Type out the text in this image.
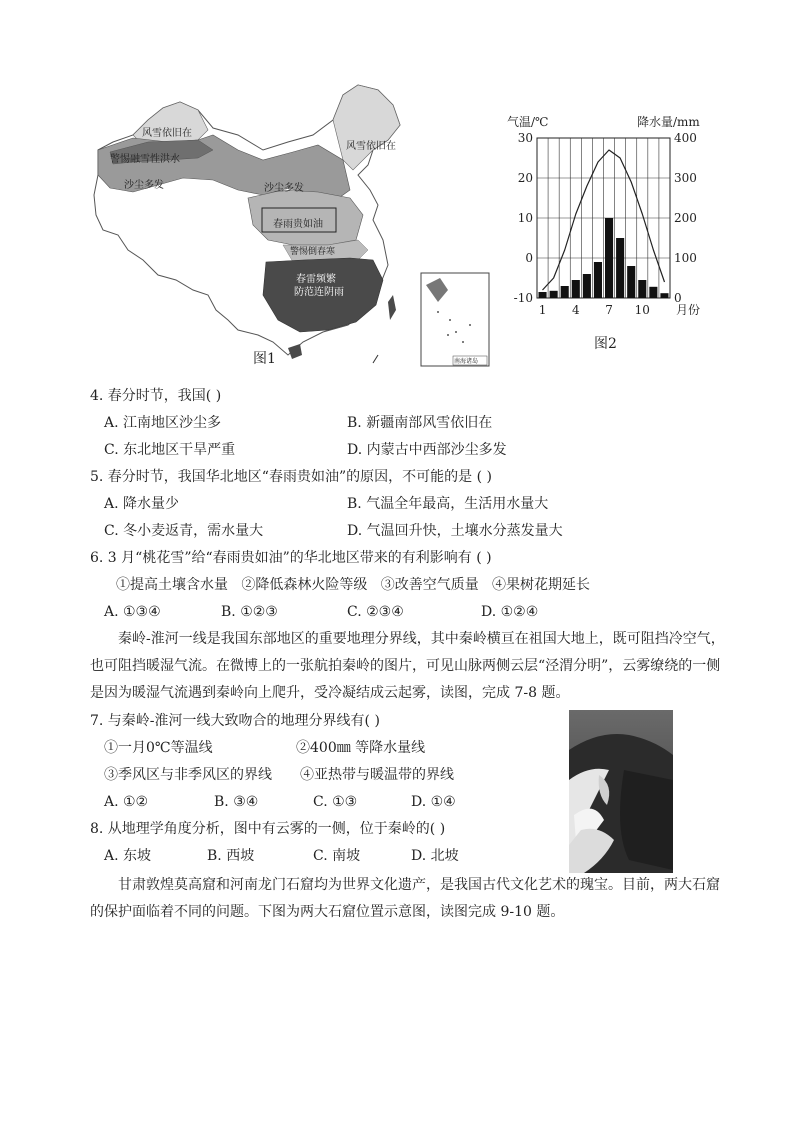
风雪依旧在
警惕融雪性洪水
沙尘多发
风雪依旧在
沙尘多发
春雨贵如油
警惕倒春寒
春雷频繁
防范连阴雨
南海诸岛
图1
气温/℃	降水量/mm
30
20
10
0
-10
400
300
200
100
0
1 4 7 10 月份
图2
4. 春分时节，我国( )
A. 江南地区沙尘多	B. 新疆南部风雪依旧在
C. 东北地区干旱严重	D. 内蒙古中西部沙尘多发
5. 春分时节，我国华北地区“春雨贵如油”的原因，不可能的是 ( )
A. 降水量少	B. 气温全年最高，生活用水量大
C. 冬小麦返青，需水量大	D. 气温回升快，土壤水分蒸发量大
6. 3 月“桃花雪”给“春雨贵如油”的华北地区带来的有利影响有 ( )
①提高土壤含水量   ②降低森林火险等级   ③改善空气质量   ④果树花期延长
A. ①③④	B. ①②③	C. ②③④	D. ①②④
秦岭-淮河一线是我国东部地区的重要地理分界线，其中秦岭横亘在祖国大地上，既可阻挡冷空气，也可阻挡暖湿气流。在微博上的一张航拍秦岭的图片，可见山脉两侧云层“泾渭分明”，云雾缭绕的一侧是因为暖湿气流遇到秦岭向上爬升，受冷凝结成云起雾，读图，完成 7-8 题。
7. 与秦岭-淮河一线大致吻合的地理分界线有( )
①一月0℃等温线	②400㎜ 等降水量线
③季风区与非季风区的界线 ④亚热带与暖温带的界线
A. ①②	B. ③④	C. ①③	D. ①④
8. 从地理学角度分析，图中有云雾的一侧，位于秦岭的( )
A. 东坡	B. 西坡	C. 南坡	D. 北坡
甘肃敦煌莫高窟和河南龙门石窟均为世界文化遗产，是我国古代文化艺术的瑰宝。目前，两大石窟的保护面临着不同的问题。下图为两大石窟位置示意图，读图完成 9-10 题。
